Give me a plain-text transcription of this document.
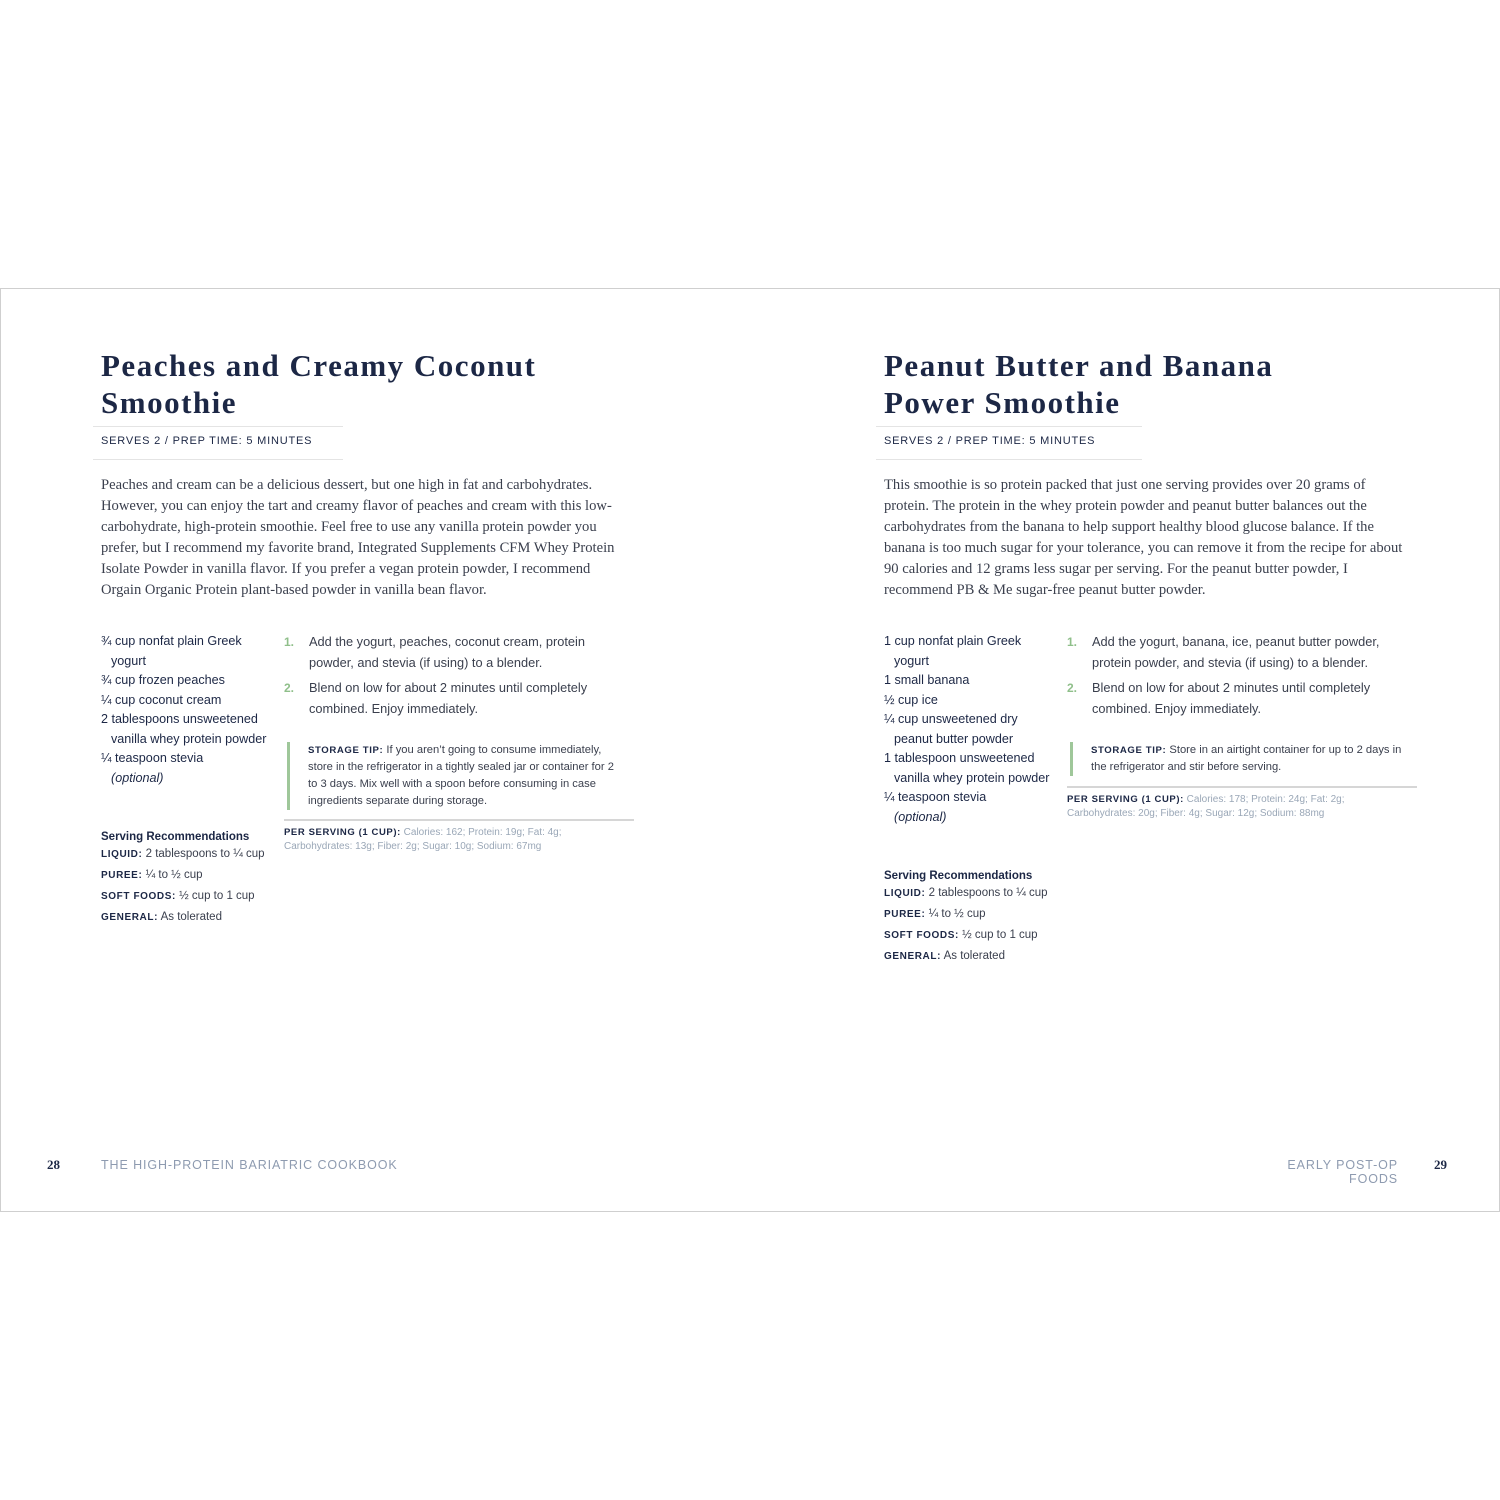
Peaches and Creamy Coconut
Smoothie
SERVES 2 / PREP TIME: 5 MINUTES

Peaches and cream can be a delicious dessert, but one high in fat and carbohydrates. However, you can enjoy the tart and creamy flavor of peaches and cream with this low-carbohydrate, high-protein smoothie. Feel free to use any vanilla protein powder you prefer, but I recommend my favorite brand, Integrated Supplements CFM Whey Protein Isolate Powder in vanilla flavor. If you prefer a vegan protein powder, I recommend Orgain Organic Protein plant-based powder in vanilla bean flavor.

¾ cup nonfat plain Greek yogurt
¾ cup frozen peaches
¼ cup coconut cream
2 tablespoons unsweetened vanilla whey protein powder
¼ teaspoon stevia
(optional)
Serving Recommendations
LIQUID: 2 tablespoons to ¼ cup
PUREE: ¼ to ½ cup
SOFT FOODS: ½ cup to 1 cup
GENERAL: As tolerated
1. Add the yogurt, peaches, coconut cream, protein powder, and stevia (if using) to a blender.
2. Blend on low for about 2 minutes until completely combined. Enjoy immediately.
STORAGE TIP: If you aren’t going to consume immediately, store in the refrigerator in a tightly sealed jar or container for 2 to 3 days. Mix well with a spoon before consuming in case ingredients separate during storage.
PER SERVING (1 CUP): Calories: 162; Protein: 19g; Fat: 4g; Carbohydrates: 13g; Fiber: 2g; Sugar: 10g; Sodium: 67mg
28	THE HIGH-PROTEIN BARIATRIC COOKBOOK
Peanut Butter and Banana
Power Smoothie
SERVES 2 / PREP TIME: 5 MINUTES

This smoothie is so protein packed that just one serving provides over 20 grams of protein. The protein in the whey protein powder and peanut butter balances out the carbohydrates from the banana to help support healthy blood glucose balance. If the banana is too much sugar for your tolerance, you can remove it from the recipe for about 90 calories and 12 grams less sugar per serving. For the peanut butter powder, I recommend PB & Me sugar-free peanut butter powder.

1 cup nonfat plain Greek yogurt
1 small banana
½ cup ice
¼ cup unsweetened dry peanut butter powder
1 tablespoon unsweetened vanilla whey protein powder
¼ teaspoon stevia
(optional)
Serving Recommendations
LIQUID: 2 tablespoons to ¼ cup
PUREE: ¼ to ½ cup
SOFT FOODS: ½ cup to 1 cup
GENERAL: As tolerated
1. Add the yogurt, banana, ice, peanut butter powder, protein powder, and stevia (if using) to a blender.
2. Blend on low for about 2 minutes until completely combined. Enjoy immediately.
STORAGE TIP: Store in an airtight container for up to 2 days in the refrigerator and stir before serving.
PER SERVING (1 CUP): Calories: 178; Protein: 24g; Fat: 2g; Carbohydrates: 20g; Fiber: 4g; Sugar: 12g; Sodium: 88mg
EARLY POST-OP FOODS
29
